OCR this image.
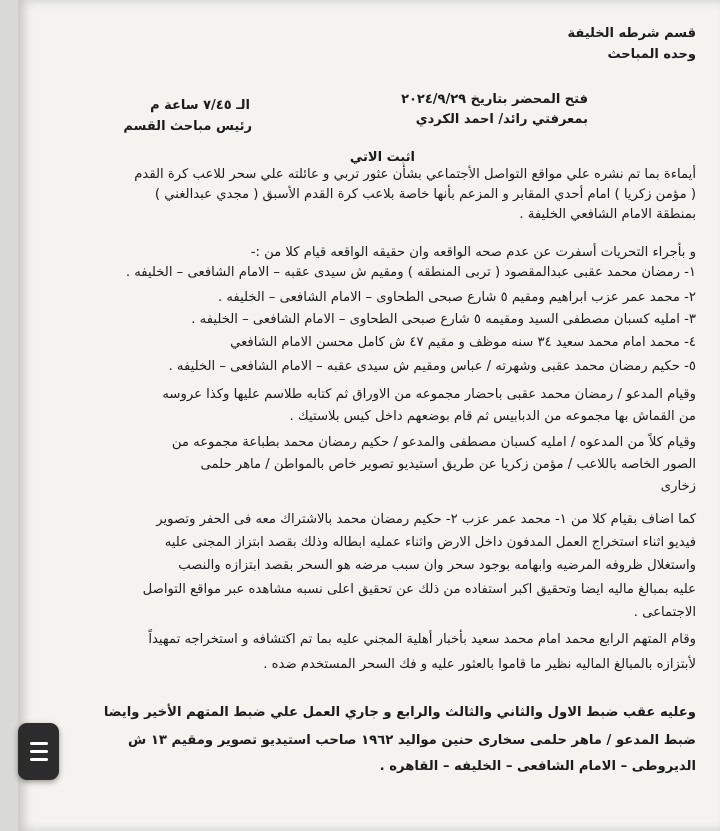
قسم شرطه الخليفة
وحده المباحث
فتح المحضر بتاريخ ٢٠٢٤/٩/٢٩
بمعرفتي رائد/ احمد الكردي
الـ ٧/٤٥ ساعة م
رئيس مباحث القسم
اثبت الاتي
أيماءة بما تم نشره علي مواقع التواصل الأجتماعي بشأن عثور تربي و عائلته علي سحر للاعب كرة القدم
( مؤمن زكريا ) امام أحدي المقابر و المزعم بأنها خاصة بلاعب كرة القدم الأسبق ( مجدي عبدالغني )
بمنطقة الامام الشافعي الخليفة .
و بأجراء التحريات أسفرت عن عدم صحه الواقعه وان حقيقه الواقعه قيام كلا من :-
١- رمضان محمد عقبى عبدالمقصود ( تربى المنطقه ) ومقيم ش سيدى عقبه – الامام الشافعى – الخليفه .
٢- محمد عمر عزب ابراهيم ومقيم ٥ شارع صبحى الطحاوى – الامام الشافعى – الخليفه .
٣- امليه كسبان مصطفى السيد ومقيمه ٥ شارع صبحى الطحاوى – الامام الشافعى – الخليفه .
٤- محمد امام محمد سعيد ٣٤ سنه موظف و مقيم ٤٧ ش كامل محسن الامام الشافعي
٥- حكيم رمضان محمد عقبى وشهرته / عباس ومقيم ش سيدى عقبه – الامام الشافعى – الخليفه .
وقيام المدعو / رمضان محمد عقبى باحضار مجموعه من الاوراق ثم كتابه طلاسم عليها وكذا عروسه
من القماش بها مجموعه من الدبابيس ثم قام بوضعهم داخل كيس بلاستيك .
وقيام كلاً من المدعوه / امليه كسبان مصطفى والمدعو / حكيم رمضان محمد بطباعة مجموعه من
الصور الخاصه باللاعب / مؤمن زكريا عن طريق استيديو تصوير خاص بالمواطن / ماهر حلمى
زخارى
كما اضاف بقيام كلا من ١- محمد عمر عزب ٢- حكيم رمضان محمد بالاشتراك معه فى الحفر وتصوير
فيديو اثناء استخراج العمل المدفون داخل الارض واثناء عمليه ابطاله وذلك بقصد ابتزاز المجنى عليه
واستغلال ظروفه المرضيه وابهامه بوجود سحر وان سبب مرضه هو السحر بقصد ابتزازه والنصب
عليه بمبالغ ماليه ايضا وتحقيق اكبر استفاده من ذلك عن تحقيق اعلى نسبه مشاهده عبر مواقع التواصل
الاجتماعى .
وقام المتهم الرابع محمد امام محمد سعيد بأخبار أهلية المجني عليه بما تم اكتشافه و استخراجه تمهيداً
لأبتزازه بالمبالغ الماليه نظير ما قاموا بالعثور عليه و فك السحر المستخدم ضده .
وعليه عقب ضبط الاول والثاني والثالث والرابع و جاري العمل علي ضبط المتهم الأخير وايضا
ضبط المدعو / ماهر حلمى سخارى حنين مواليد ١٩٦٢ صاحب استيديو تصوير ومقيم ١٣ ش
الديروطى – الامام الشافعى – الخليفه – القاهره .
